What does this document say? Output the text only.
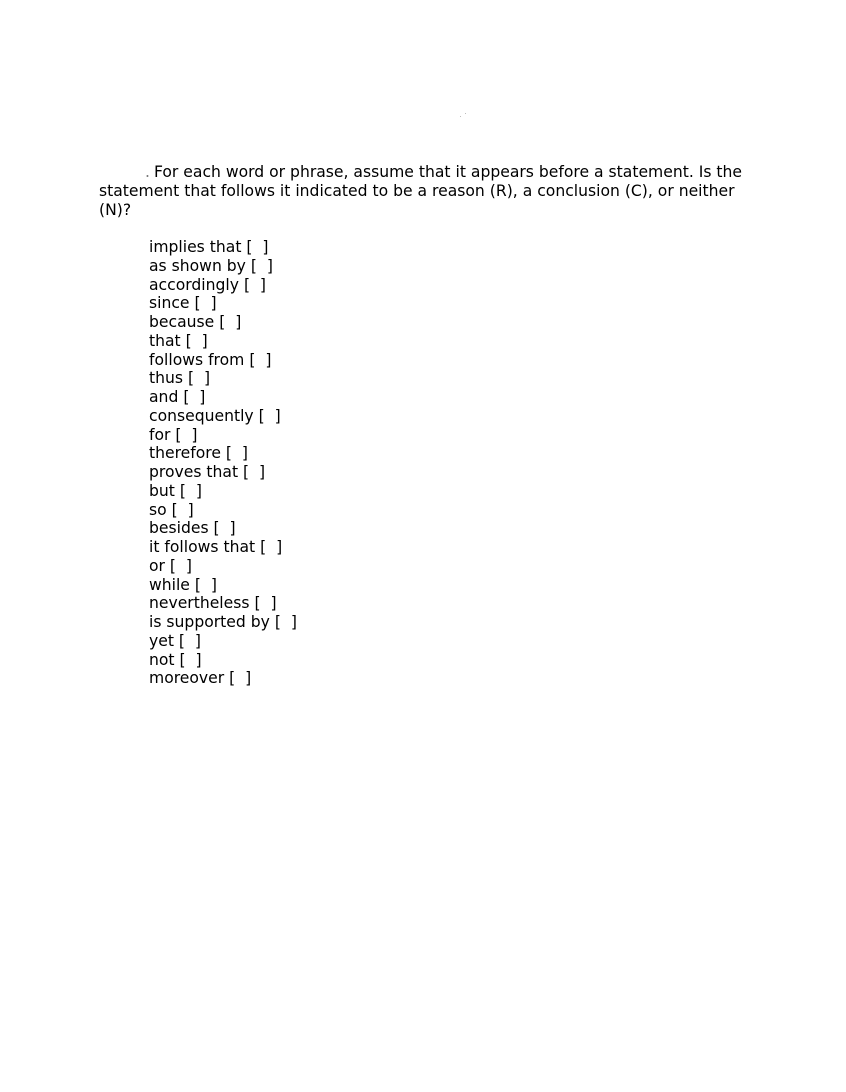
. For each word or phrase, assume that it appears before a statement. Is the statement that follows it indicated to be a reason (R), a conclusion (C), or neither (N)?

implies that [  ]
as shown by [  ]
accordingly [  ]
since [  ]
because [  ]
that [  ]
follows from [  ]
thus [  ]
and [  ]
consequently [  ]
for [  ]
therefore [  ]
proves that [  ]
but [  ]
so [  ]
besides [  ]
it follows that [  ]
or [  ]
while [  ]
nevertheless [  ]
is supported by [  ]
yet [  ]
not [  ]
moreover [  ]
